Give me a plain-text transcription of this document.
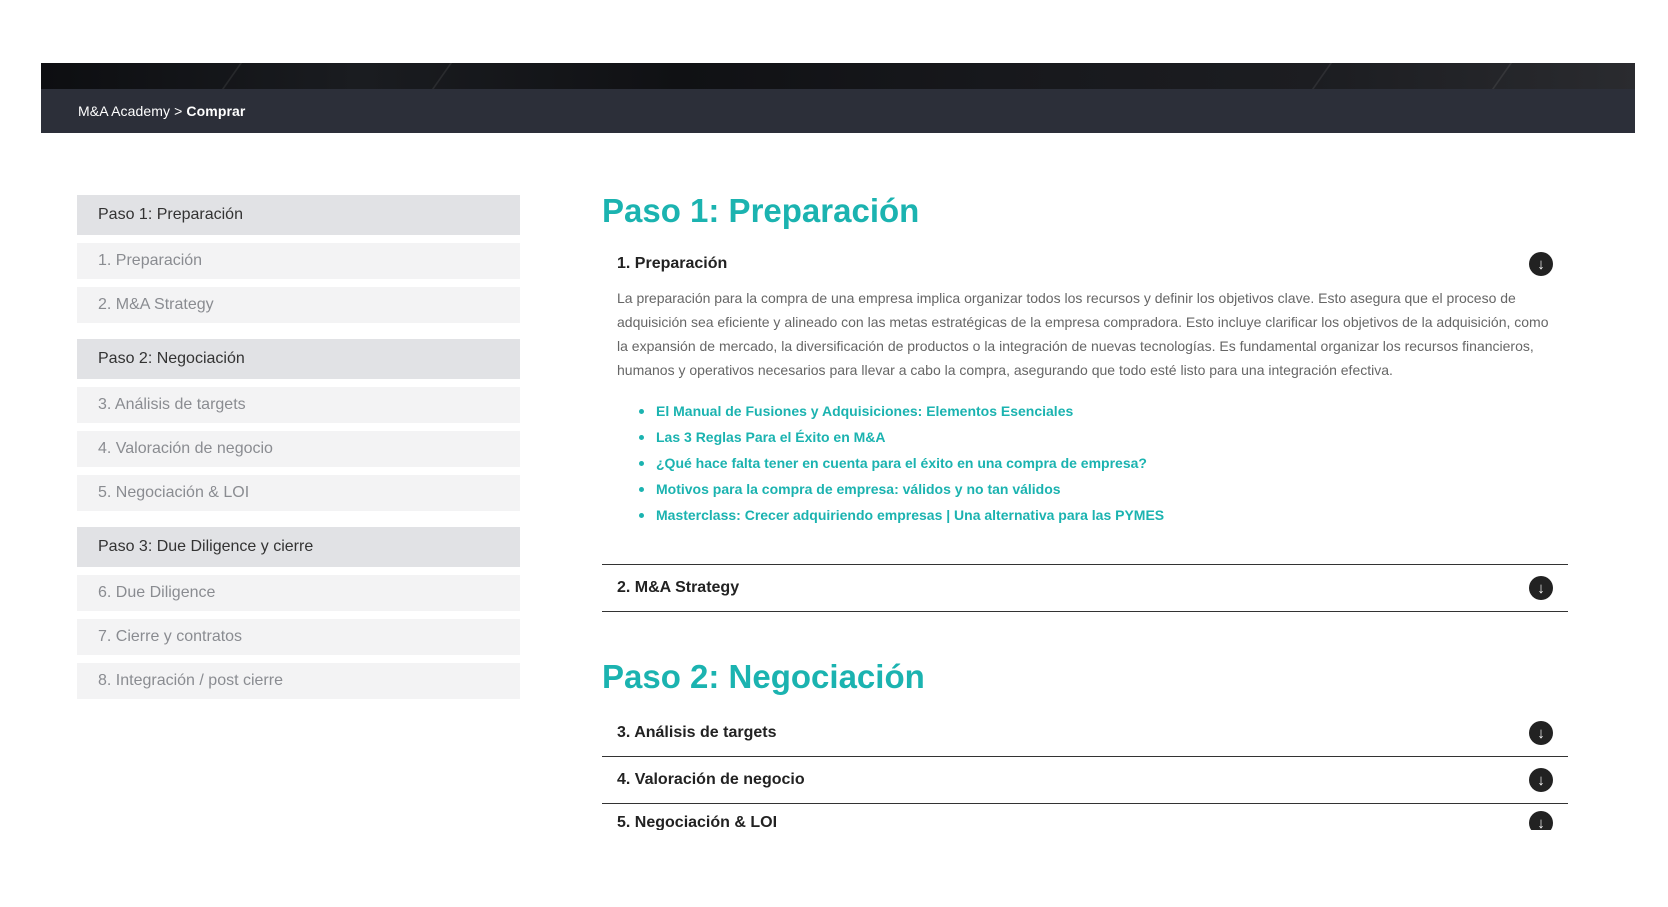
M&A Academy > Comprar
Paso 1: Preparación
1. Preparación
2. M&A Strategy
Paso 2: Negociación
3. Análisis de targets
4. Valoración de negocio
5. Negociación & LOI
Paso 3: Due Diligence y cierre
6. Due Diligence
7. Cierre y contratos
8. Integración / post cierre
Paso 1: Preparación
1. Preparación	↓
La preparación para la compra de una empresa implica organizar todos los recursos y definir los objetivos clave. Esto asegura que el proceso de adquisición sea eficiente y alineado con las metas estratégicas de la empresa compradora. Esto incluye clarificar los objetivos de la adquisición, como la expansión de mercado, la diversificación de productos o la integración de nuevas tecnologías. Es fundamental organizar los recursos financieros, humanos y operativos necesarios para llevar a cabo la compra, asegurando que todo esté listo para una integración efectiva.
El Manual de Fusiones y Adquisiciones: Elementos Esenciales
Las 3 Reglas Para el Éxito en M&A
¿Qué hace falta tener en cuenta para el éxito en una compra de empresa?
Motivos para la compra de empresa: válidos y no tan válidos
Masterclass: Crecer adquiriendo empresas | Una alternativa para las PYMES
2. M&A Strategy	↓
Paso 2: Negociación
3. Análisis de targets	↓
4. Valoración de negocio	↓
5. Negociación & LOI	↓
